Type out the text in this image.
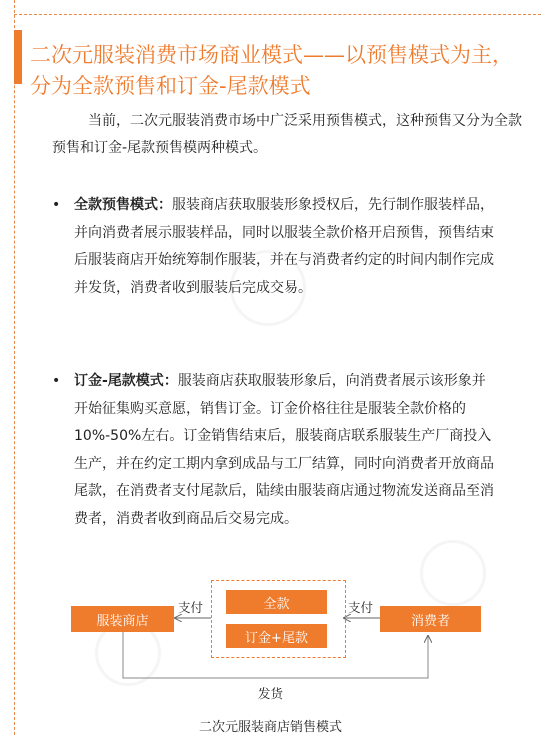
二次元服装消费市场商业模式——以预售模式为主，分为全款预售和订金-尾款模式

当前，二次元服装消费市场中广泛采用预售模式，这种预售又分为全款预售和订金-尾款预售模两种模式。

• 全款预售模式：服装商店获取服装形象授权后，先行制作服装样品，并向消费者展示服装样品，同时以服装全款价格开启预售，预售结束后服装商店开始统筹制作服装，并在与消费者约定的时间内制作完成并发货，消费者收到服装后完成交易。
• 订金-尾款模式：服装商店获取服装形象后，向消费者展示该形象并开始征集购买意愿，销售订金。订金价格往往是服装全款价格的10%-50%左右。订金销售结束后，服装商店联系服装生产厂商投入生产，并在约定工期内拿到成品与工厂结算，同时向消费者开放商品尾款，在消费者支付尾款后，陆续由服装商店通过物流发送商品至消费者，消费者收到商品后交易完成。
服装商店
支付	全款
订金+尾款
支付
消费者
发货
二次元服装商店销售模式
